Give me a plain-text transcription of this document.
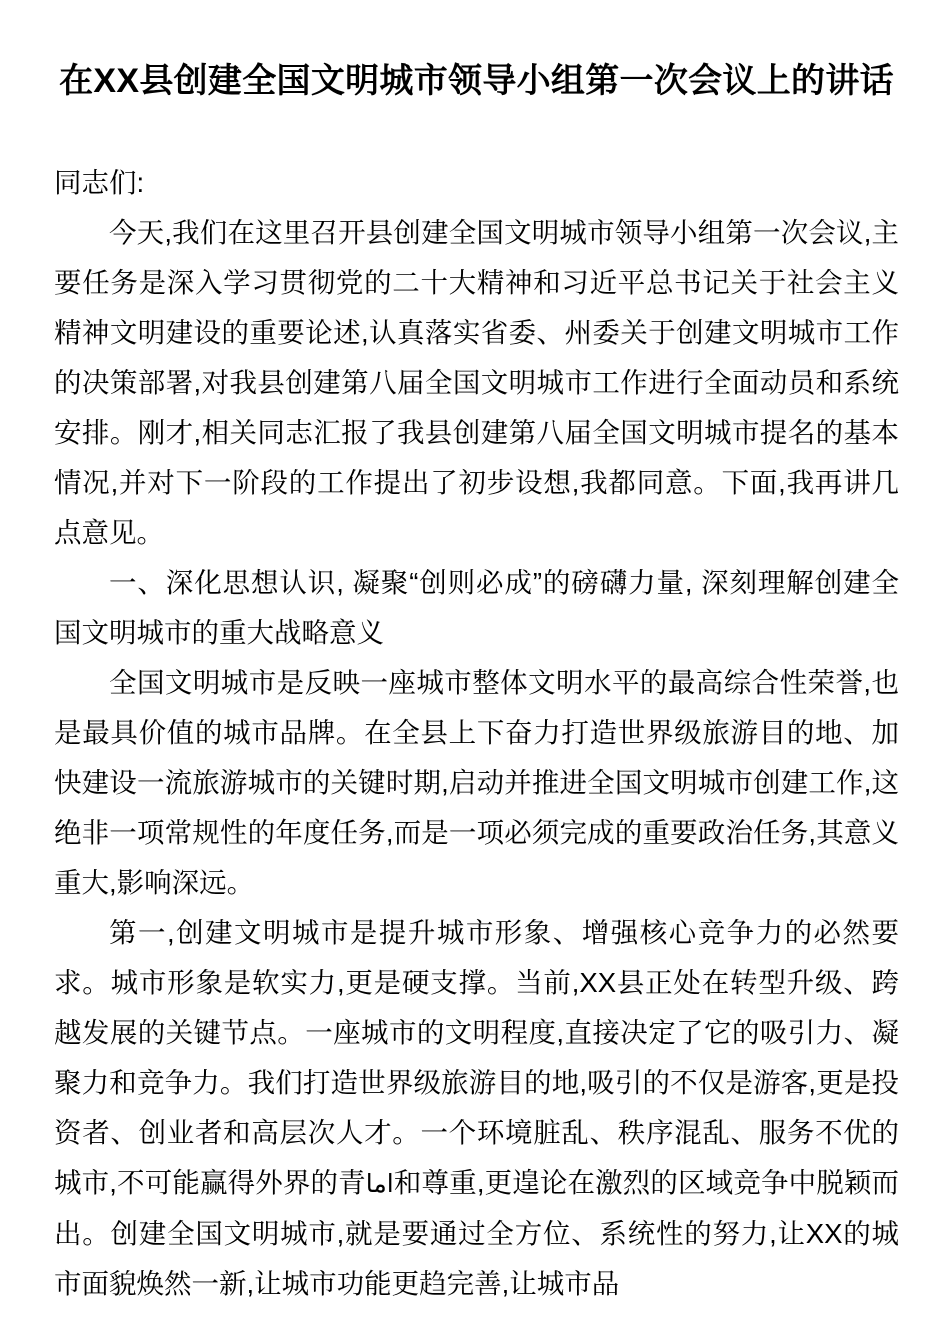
在XX县创建全国文明城市领导小组第一次会议上的讲话

同志们:

今天,我们在这里召开县创建全国文明城市领导小组第一次会议,主要任务是深入学习贯彻党的二十大精神和习近平总书记关于社会主义精神文明建设的重要论述,认真落实省委、州委关于创建文明城市工作的决策部署,对我县创建第八届全国文明城市工作进行全面动员和系统安排。刚才,相关同志汇报了我县创建第八届全国文明城市提名的基本情况,并对下一阶段的工作提出了初步设想,我都同意。下面,我再讲几点意见。

一、深化思想认识, 凝聚“创则必成”的磅礴力量, 深刻理解创建全国文明城市的重大战略意义

全国文明城市是反映一座城市整体文明水平的最高综合性荣誉,也是最具价值的城市品牌。在全县上下奋力打造世界级旅游目的地、加快建设一流旅游城市的关键时期,启动并推进全国文明城市创建工作,这绝非一项常规性的年度任务,而是一项必须完成的重要政治任务,其意义重大,影响深远。

第一,创建文明城市是提升城市形象、增强核心竞争力的必然要求。城市形象是软实力,更是硬支撑。当前,XX县正处在转型升级、跨越发展的关键节点。一座城市的文明程度,直接决定了它的吸引力、凝聚力和竞争力。我们打造世界级旅游目的地,吸引的不仅是游客,更是投资者、创业者和高层次人才。一个环境脏乱、秩序混乱、服务不优的城市,不可能赢得外界的青اما和尊重,更遑论在激烈的区域竞争中脱颖而出。创建全国文明城市,就是要通过全方位、系统性的努力,让XX的城市面貌焕然一新,让城市功能更趋完善,让城市品
